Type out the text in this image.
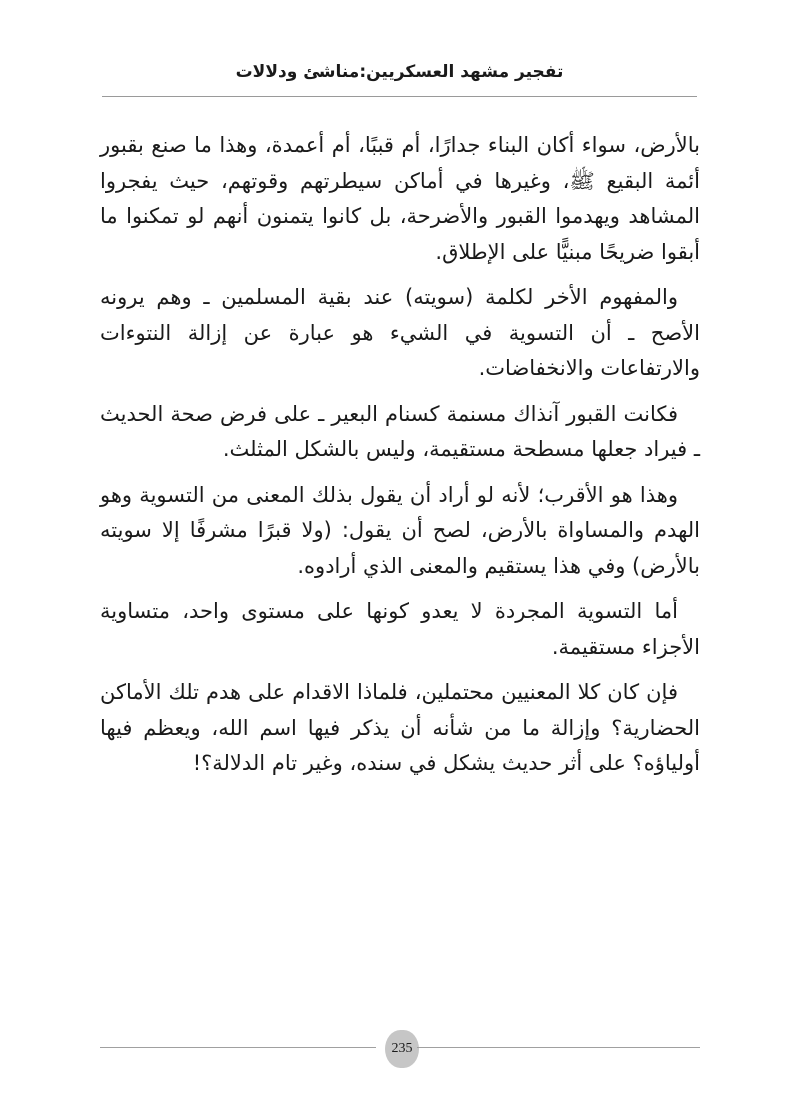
تفجير مشهد العسكريين:مناشئ ودلالات

بالأرض، سواء أكان البناء جدارًا، أم قببًا، أم أعمدة، وهذا ما صنع بقبور أئمة البقيع ﷺ، وغيرها في أماكن سيطرتهم وقوتهم، حيث يفجروا المشاهد ويهدموا القبور والأضرحة، بل كانوا يتمنون أنهم لو تمكنوا ما أبقوا ضريحًا مبنيًّا على الإطلاق.

والمفهوم الأخر لكلمة (سويته) عند بقية المسلمين ـ وهم يرونه الأصح ـ أن التسوية في الشيء هو عبارة عن إزالة النتوءات والارتفاعات والانخفاضات.

فكانت القبور آنذاك مسنمة كسنام البعير ـ على فرض صحة الحديث ـ فيراد جعلها مسطحة مستقيمة، وليس بالشكل المثلث.

وهذا هو الأقرب؛ لأنه لو أراد أن يقول بذلك المعنى من التسوية وهو الهدم والمساواة بالأرض، لصح أن يقول: (ولا قبرًا مشرفًا إلا سويته بالأرض) وفي هذا يستقيم والمعنى الذي أرادوه.

أما التسوية المجردة لا يعدو كونها على مستوى واحد، متساوية الأجزاء مستقيمة.

فإن كان كلا المعنيين محتملين، فلماذا الاقدام على هدم تلك الأماكن الحضارية؟ وإزالة ما من شأنه أن يذكر فيها اسم الله، ويعظم فيها أولياؤه؟ على أثر حديث يشكل في سنده، وغير تام الدلالة؟!

235
